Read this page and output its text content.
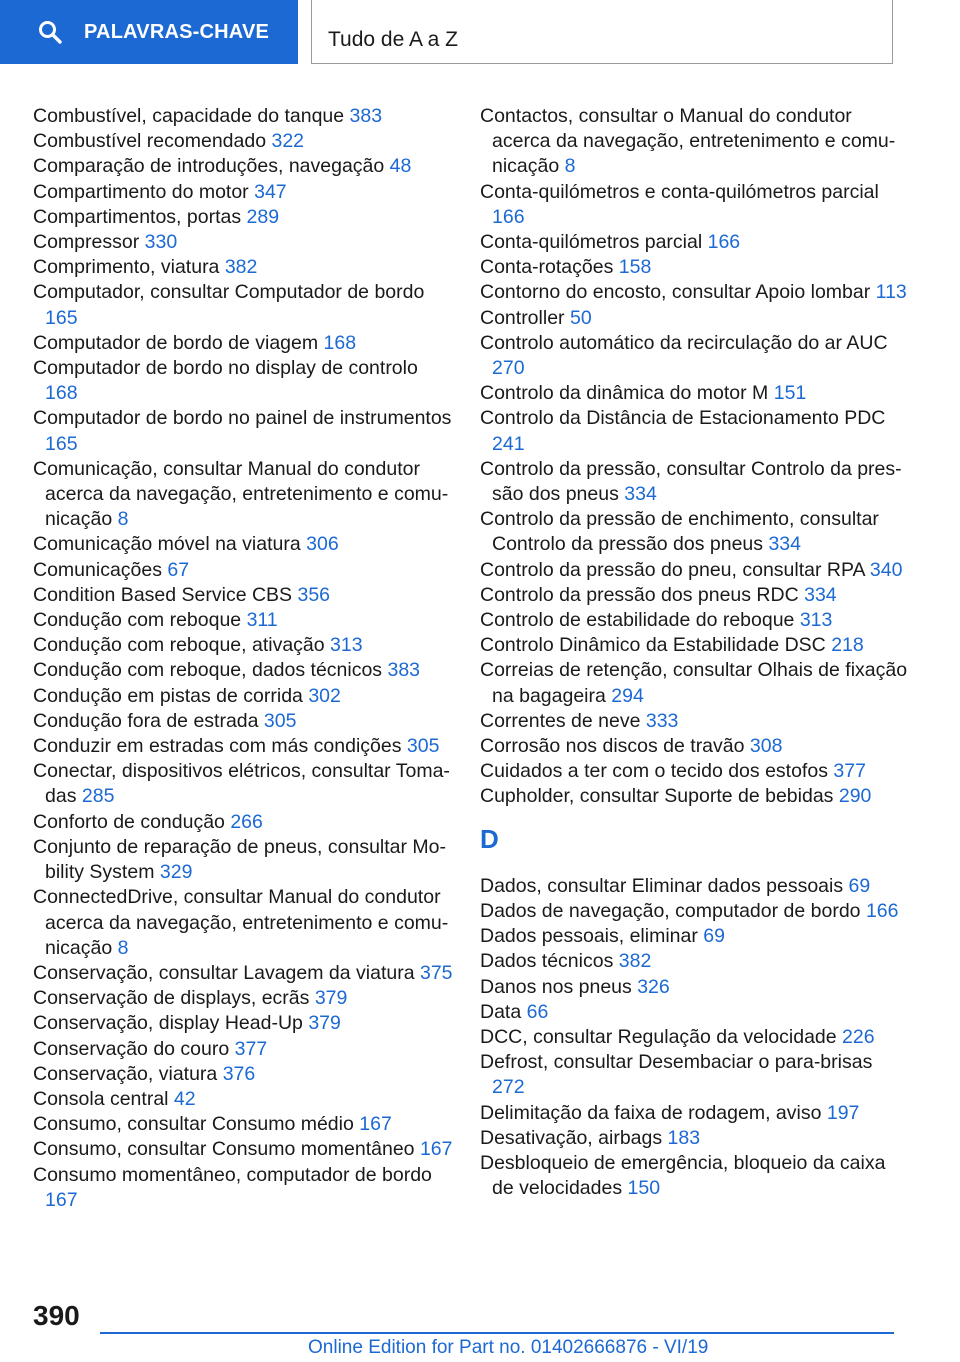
PALAVRAS-CHAVE	Tudo de A a Z
Combustível, capacidade do tanque 383
Combustível recomendado 322
Comparação de introduções, navegação 48
Compartimento do motor 347
Compartimentos, portas 289
Compressor 330
Comprimento, viatura 382
Computador, consultar Computador de bordo 165
Computador de bordo de viagem 168
Computador de bordo no display de controlo 168
Computador de bordo no painel de instrumentos 165
Comunicação, consultar Manual do condutor acerca da navegação, entretenimento e comunicação 8
Comunicação móvel na viatura 306
Comunicações 67
Condition Based Service CBS 356
Condução com reboque 311
Condução com reboque, ativação 313
Condução com reboque, dados técnicos 383
Condução em pistas de corrida 302
Condução fora de estrada 305
Conduzir em estradas com más condições 305
Conectar, dispositivos elétricos, consultar Tomadas 285
Conforto de condução 266
Conjunto de reparação de pneus, consultar Mobility System 329
ConnectedDrive, consultar Manual do condutor acerca da navegação, entretenimento e comunicação 8
Conservação, consultar Lavagem da viatura 375
Conservação de displays, ecrãs 379
Conservação, display Head-Up 379
Conservação do couro 377
Conservação, viatura 376
Consola central 42
Consumo, consultar Consumo médio 167
Consumo, consultar Consumo momentâneo 167
Consumo momentâneo, computador de bordo 167
Contactos, consultar o Manual do condutor acerca da navegação, entretenimento e comunicação 8
Conta-quilómetros e conta-quilómetros parcial 166
Conta-quilómetros parcial 166
Conta-rotações 158
Contorno do encosto, consultar Apoio lombar 113
Controller 50
Controlo automático da recirculação do ar AUC 270
Controlo da dinâmica do motor M 151
Controlo da Distância de Estacionamento PDC 241
Controlo da pressão, consultar Controlo da pressão dos pneus 334
Controlo da pressão de enchimento, consultar Controlo da pressão dos pneus 334
Controlo da pressão do pneu, consultar RPA 340
Controlo da pressão dos pneus RDC 334
Controlo de estabilidade do reboque 313
Controlo Dinâmico da Estabilidade DSC 218
Correias de retenção, consultar Olhais de fixação na bagageira 294
Correntes de neve 333
Corrosão nos discos de travão 308
Cuidados a ter com o tecido dos estofos 377
Cupholder, consultar Suporte de bebidas 290
D
Dados, consultar Eliminar dados pessoais 69
Dados de navegação, computador de bordo 166
Dados pessoais, eliminar 69
Dados técnicos 382
Danos nos pneus 326
Data 66
DCC, consultar Regulação da velocidade 226
Defrost, consultar Desembaciar o para-brisas 272
Delimitação da faixa de rodagem, aviso 197
Desativação, airbags 183
Desbloqueio de emergência, bloqueio da caixa de velocidades 150
390
Online Edition for Part no. 01402666876 - VI/19
